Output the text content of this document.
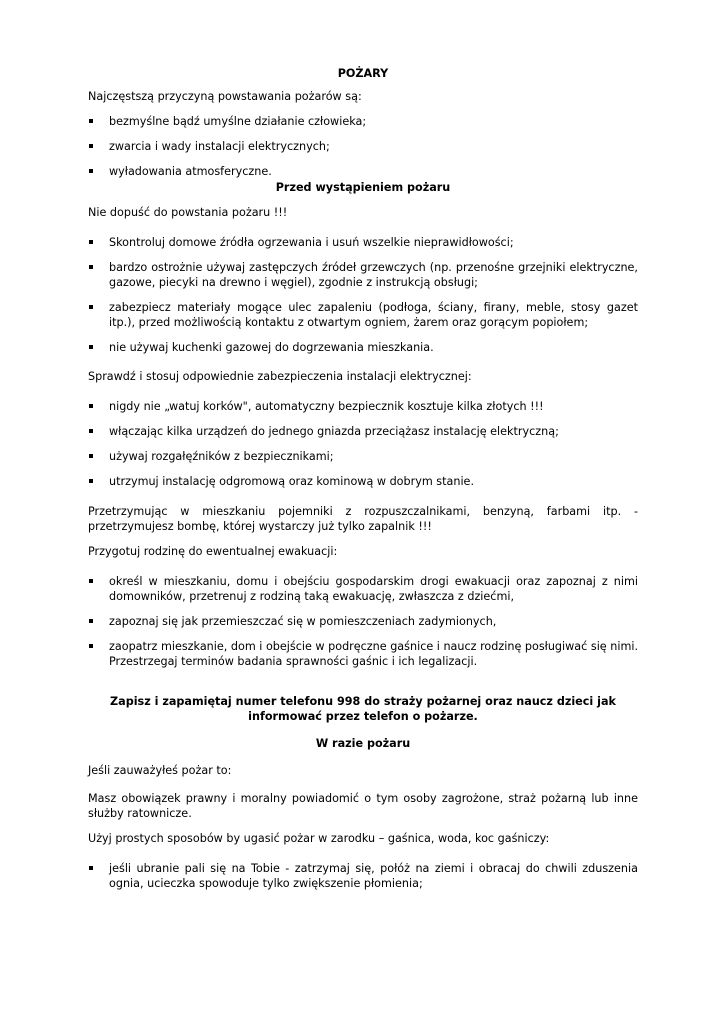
POŻARY

Najczęstszą przyczyną powstawania pożarów są:

bezmyślne bądź umyślne działanie człowieka;
zwarcia i wady instalacji elektrycznych;
wyładowania atmosferyczne.

Przed wystąpieniem pożaru

Nie dopuść do powstania pożaru !!!

Skontroluj domowe źródła ogrzewania i usuń wszelkie nieprawidłowości;
bardzo ostrożnie używaj zastępczych źródeł grzewczych (np. przenośne grzejniki elektryczne, gazowe, piecyki na drewno i węgiel), zgodnie z instrukcją obsługi;
zabezpiecz materiały mogące ulec zapaleniu (podłoga, ściany, firany, meble, stosy gazet itp.), przed możliwością kontaktu z otwartym ogniem, żarem oraz gorącym popiołem;
nie używaj kuchenki gazowej do dogrzewania mieszkania.

Sprawdź i stosuj odpowiednie zabezpieczenia instalacji elektrycznej:

nigdy nie „watuj korków", automatyczny bezpiecznik kosztuje kilka złotych !!!
włączając kilka urządzeń do jednego gniazda przeciążasz instalację elektryczną;
używaj rozgałęźników z bezpiecznikami;
utrzymuj instalację odgromową oraz kominową w dobrym stanie.

Przetrzymując w mieszkaniu pojemniki z rozpuszczalnikami, benzyną, farbami itp. -przetrzymujesz bombę, której wystarczy już tylko zapalnik !!!

Przygotuj rodzinę do ewentualnej ewakuacji:

określ w mieszkaniu, domu i obejściu gospodarskim drogi ewakuacji oraz zapoznaj z nimi domowników, przetrenuj z rodziną taką ewakuację, zwłaszcza z dziećmi,
zapoznaj się jak przemieszczać się w pomieszczeniach zadymionych,
zaopatrz mieszkanie, dom i obejście w podręczne gaśnice i naucz rodzinę posługiwać się nimi. Przestrzegaj terminów badania sprawności gaśnic i ich legalizacji.

Zapisz i zapamiętaj numer telefonu 998 do straży pożarnej oraz naucz dzieci jak informować przez telefon o pożarze.

W razie pożaru

Jeśli zauważyłeś pożar to:

Masz obowiązek prawny i moralny powiadomić o tym osoby zagrożone, straż pożarną lub inne służby ratownicze.

Użyj prostych sposobów by ugasić pożar w zarodku – gaśnica, woda, koc gaśniczy:

jeśli ubranie pali się na Tobie - zatrzymaj się, połóż na ziemi i obracaj do chwili zduszenia ognia, ucieczka spowoduje tylko zwiększenie płomienia;
